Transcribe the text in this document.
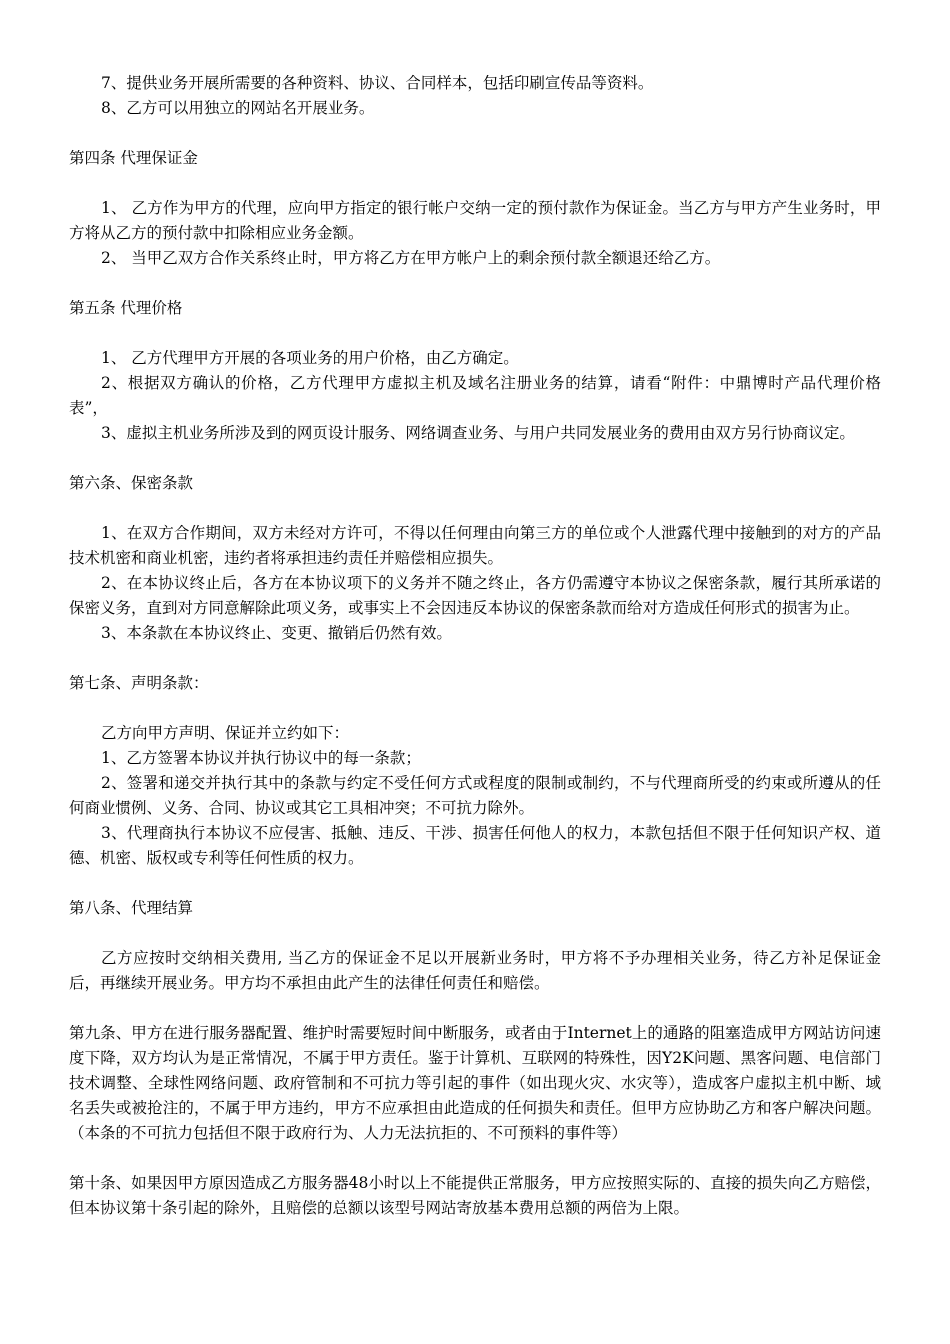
7、提供业务开展所需要的各种资料、协议、合同样本，包括印刷宣传品等资料。

8、乙方可以用独立的网站名开展业务。

第四条 代理保证金

1、 乙方作为甲方的代理，应向甲方指定的银行帐户交纳一定的预付款作为保证金。当乙方与甲方产生业务时，甲方将从乙方的预付款中扣除相应业务金额。

2、 当甲乙双方合作关系终止时，甲方将乙方在甲方帐户上的剩余预付款全额退还给乙方。

第五条 代理价格

1、 乙方代理甲方开展的各项业务的用户价格，由乙方确定。

2、根据双方确认的价格，乙方代理甲方虚拟主机及域名注册业务的结算，请看“附件：中鼎博时产品代理价格表”，

3、虚拟主机业务所涉及到的网页设计服务、网络调查业务、与用户共同发展业务的费用由双方另行协商议定。

第六条、保密条款

1、在双方合作期间，双方未经对方许可，不得以任何理由向第三方的单位或个人泄露代理中接触到的对方的产品技术机密和商业机密，违约者将承担违约责任并赔偿相应损失。

2、在本协议终止后，各方在本协议项下的义务并不随之终止，各方仍需遵守本协议之保密条款，履行其所承诺的保密义务，直到对方同意解除此项义务，或事实上不会因违反本协议的保密条款而给对方造成任何形式的损害为止。

3、本条款在本协议终止、变更、撤销后仍然有效。

第七条、声明条款：

乙方向甲方声明、保证并立约如下：

1、乙方签署本协议并执行协议中的每一条款；

2、签署和递交并执行其中的条款与约定不受任何方式或程度的限制或制约，不与代理商所受的约束或所遵从的任何商业惯例、义务、合同、协议或其它工具相冲突；不可抗力除外。

3、代理商执行本协议不应侵害、抵触、违反、干涉、损害任何他人的权力，本款包括但不限于任何知识产权、道德、机密、版权或专利等任何性质的权力。

第八条、代理结算

乙方应按时交纳相关费用, 当乙方的保证金不足以开展新业务时，甲方将不予办理相关业务，待乙方补足保证金后，再继续开展业务。甲方均不承担由此产生的法律任何责任和赔偿。

第九条、甲方在进行服务器配置、维护时需要短时间中断服务，或者由于Internet上的通路的阻塞造成甲方网站访问速度下降，双方均认为是正常情况，不属于甲方责任。鉴于计算机、互联网的特殊性，因Y2K问题、黑客问题、电信部门技术调整、全球性网络问题、政府管制和不可抗力等引起的事件（如出现火灾、水灾等），造成客户虚拟主机中断、域名丢失或被抢注的，不属于甲方违约，甲方不应承担由此造成的任何损失和责任。但甲方应协助乙方和客户解决问题。（本条的不可抗力包括但不限于政府行为、人力无法抗拒的、不可预料的事件等）

第十条、如果因甲方原因造成乙方服务器48小时以上不能提供正常服务，甲方应按照实际的、直接的损失向乙方赔偿，但本协议第十条引起的除外，且赔偿的总额以该型号网站寄放基本费用总额的两倍为上限。
